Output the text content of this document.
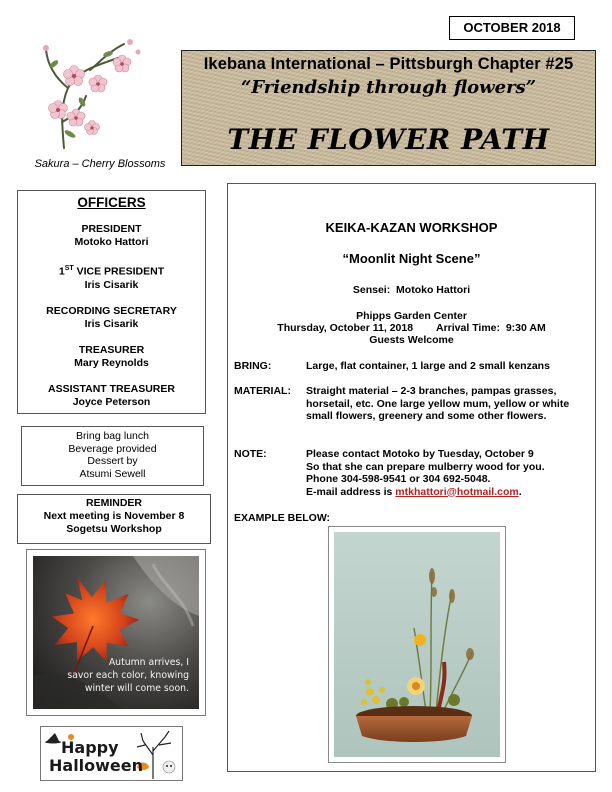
OCTOBER 2018
Sakura – Cherry Blossoms
Ikebana International – Pittsburgh Chapter #25
“Friendship through flowers”
THE FLOWER PATH
OFFICERS
PRESIDENT
Motoko Hattori
1ST VICE PRESIDENT
Iris Cisarik
RECORDING SECRETARY
Iris Cisarik
TREASURER
Mary Reynolds
ASSISTANT TREASURER
Joyce Peterson
Bring bag lunch
Beverage provided
Dessert by
Atsumi Sewell
REMINDER
Next meeting is November 8
Sogetsu Workshop
Autumn arrives, I
savor each color, knowing
winter will come soon.
Happy
Halloween
KEIKA-KAZAN WORKSHOP
“Moonlit Night Scene”
Sensei:  Motoko Hattori
Phipps Garden Center
Thursday, October 11, 2018        Arrival Time:  9:30 AM
Guests Welcome
BRING:	Large, flat container, 1 large and 2 small kenzans
MATERIAL: Straight material – 2-3 branches, pampas grasses, horsetail, etc. One large yellow mum, yellow or white small flowers, greenery and some other flowers.
NOTE:	Please contact Motoko by Tuesday, October 9
So that she can prepare mulberry wood for you.
Phone 304-598-9541 or 304 692-5048.
E-mail address is mtkhattori@hotmail.com.
EXAMPLE BELOW:
